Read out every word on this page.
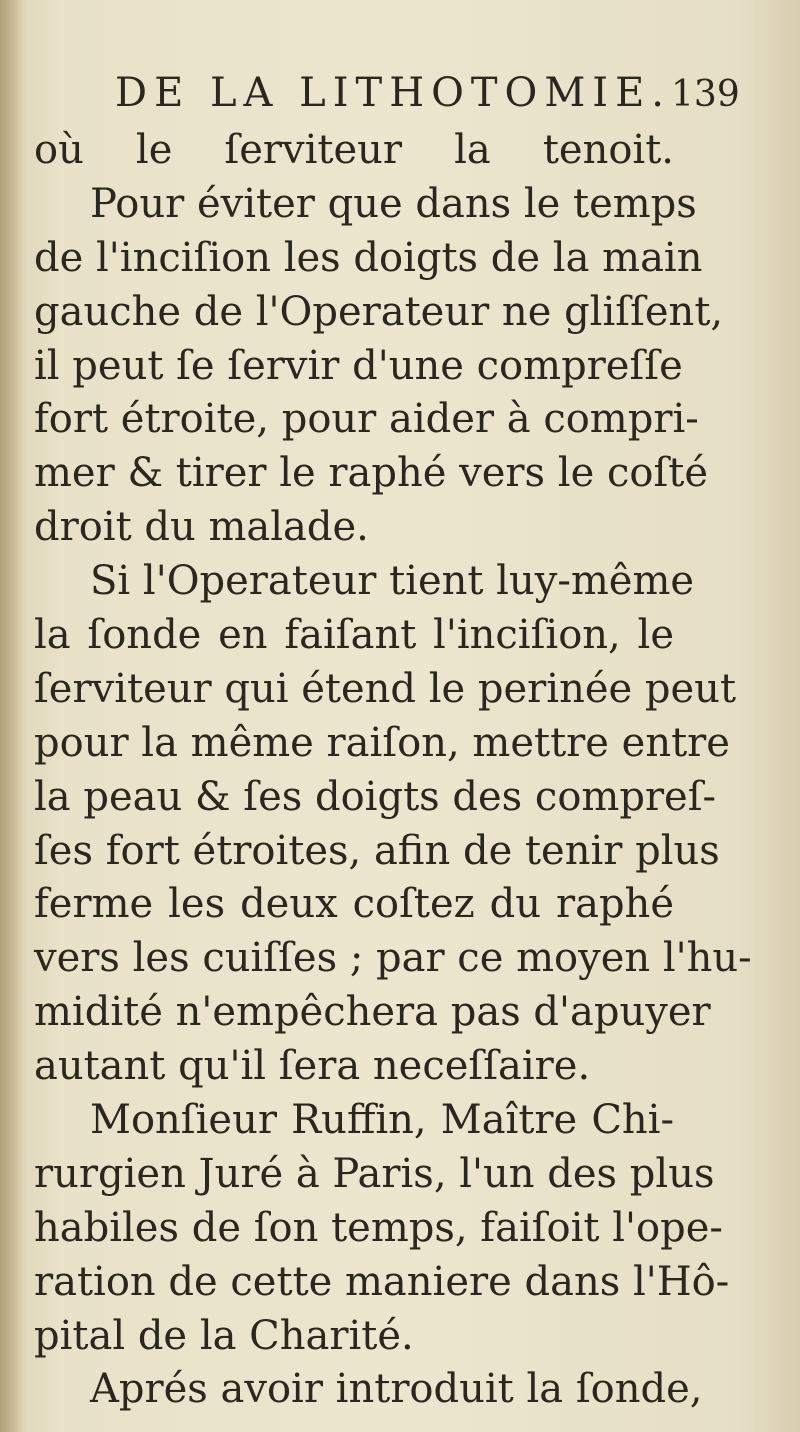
DE LA LITHOTOMIE. 139
où le ſerviteur la tenoit.
Pour éviter que dans le temps
de l'inciſion les doigts de la main
gauche de l'Operateur ne gliſſent,
il peut ſe ſervir d'une compreſſe
fort étroite, pour aider à compri-
mer & tirer le raphé vers le coſté
droit du malade.
Si l'Operateur tient luy-même
la ſonde en faiſant l'inciſion, le
ſerviteur qui étend le perinée peut
pour la même raiſon, mettre entre
la peau & ſes doigts des compreſ-
ſes fort étroites, afin de tenir plus
ferme les deux coſtez du raphé
vers les cuiſſes ; par ce moyen l'hu-
midité n'empêchera pas d'apuyer
autant qu'il ſera neceſſaire.
Monſieur Ruffin, Maître Chi-
rurgien Juré à Paris, l'un des plus
habiles de ſon temps, faiſoit l'ope-
ration de cette maniere dans l'Hô-
pital de la Charité.
Aprés avoir introduit la ſonde,
